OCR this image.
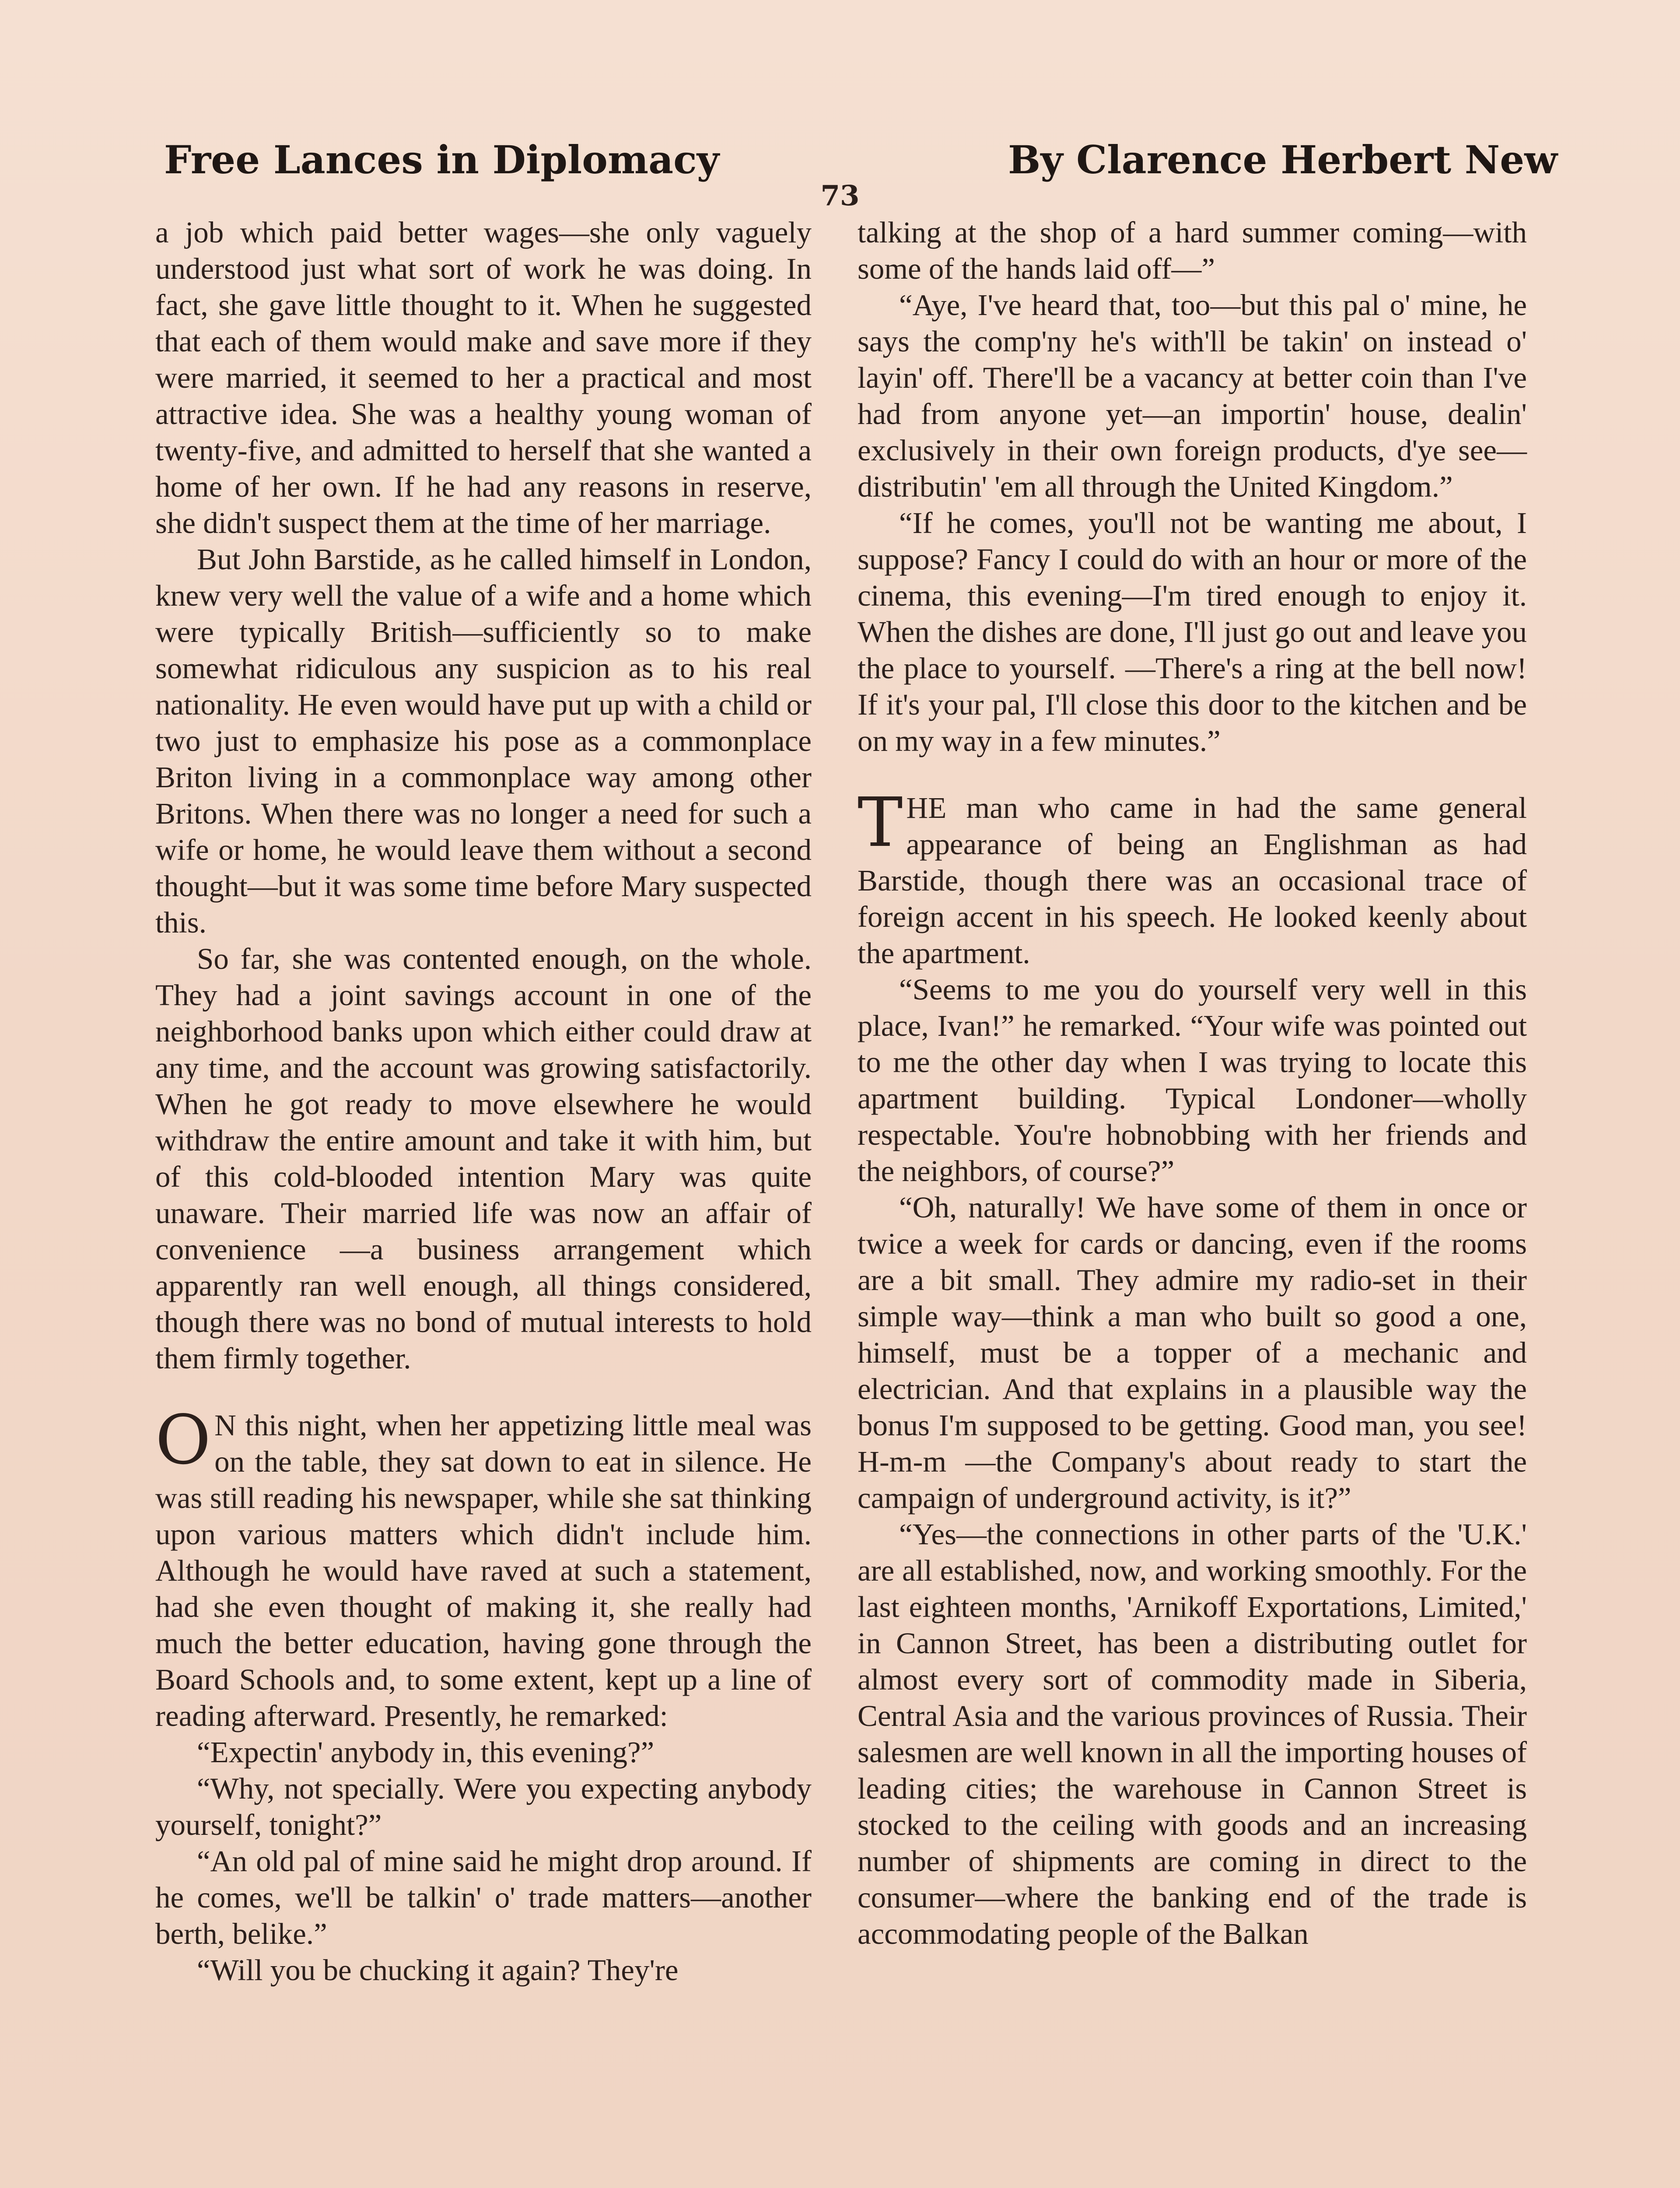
Free Lances in Diplomacy	By Clarence Herbert New
73

a job which paid better wages—she only vaguely understood just what sort of work he was doing. In fact, she gave little thought to it. When he suggested that each of them would make and save more if they were married, it seemed to her a practical and most attractive idea. She was a healthy young woman of twenty-five, and admitted to herself that she wanted a home of her own. If he had any reasons in reserve, she didn't suspect them at the time of her marriage.

But John Barstide, as he called himself in London, knew very well the value of a wife and a home which were typically British—sufficiently so to make somewhat ridiculous any suspicion as to his real nationality. He even would have put up with a child or two just to emphasize his pose as a commonplace Briton living in a commonplace way among other Britons. When there was no longer a need for such a wife or home, he would leave them without a second thought—but it was some time before Mary suspected this.

So far, she was contented enough, on the whole. They had a joint savings account in one of the neighborhood banks upon which either could draw at any time, and the account was growing satisfactorily. When he got ready to move elsewhere he would withdraw the entire amount and take it with him, but of this cold-blooded intention Mary was quite unaware. Their married life was now an affair of convenience —a business arrangement which apparently ran well enough, all things considered, though there was no bond of mutual interests to hold them firmly together.

O N this night, when her appetizing little meal was on the table, they sat down to eat in silence. He was still reading his newspaper, while she sat thinking upon various matters which didn't include him. Although he would have raved at such a statement, had she even thought of making it, she really had much the better education, having gone through the Board Schools and, to some extent, kept up a line of reading afterward. Presently, he remarked:

“Expectin' anybody in, this evening?”

“Why, not specially. Were you expecting anybody yourself, tonight?”

“An old pal of mine said he might drop around. If he comes, we'll be talkin' o' trade matters—another berth, belike.”

“Will you be chucking it again? They're

talking at the shop of a hard summer coming—with some of the hands laid off—”

“Aye, I've heard that, too—but this pal o' mine, he says the comp'ny he's with'll be takin' on instead o' layin' off. There'll be a vacancy at better coin than I've had from anyone yet—an importin' house, dealin' exclusively in their own foreign products, d'ye see—distributin' 'em all through the United Kingdom.”

“If he comes, you'll not be wanting me about, I suppose? Fancy I could do with an hour or more of the cinema, this evening—I'm tired enough to enjoy it. When the dishes are done, I'll just go out and leave you the place to yourself. —There's a ring at the bell now! If it's your pal, I'll close this door to the kitchen and be on my way in a few minutes.”

T HE man who came in had the same general appearance of being an Englishman as had Barstide, though there was an occasional trace of foreign accent in his speech. He looked keenly about the apartment.

“Seems to me you do yourself very well in this place, Ivan!” he remarked. “Your wife was pointed out to me the other day when I was trying to locate this apartment building. Typical Londoner—wholly respectable. You're hobnobbing with her friends and the neighbors, of course?”

“Oh, naturally! We have some of them in once or twice a week for cards or dancing, even if the rooms are a bit small. They admire my radio-set in their simple way—think a man who built so good a one, himself, must be a topper of a mechanic and electrician. And that explains in a plausible way the bonus I'm supposed to be getting. Good man, you see! H-m-m —the Company's about ready to start the campaign of underground activity, is it?”

“Yes—the connections in other parts of the 'U.K.' are all established, now, and working smoothly. For the last eighteen months, 'Arnikoff Exportations, Limited,' in Cannon Street, has been a distributing outlet for almost every sort of commodity made in Siberia, Central Asia and the various provinces of Russia. Their salesmen are well known in all the importing houses of leading cities; the warehouse in Cannon Street is stocked to the ceiling with goods and an increasing number of shipments are coming in direct to the consumer—where the banking end of the trade is accommodating people of the Balkan
